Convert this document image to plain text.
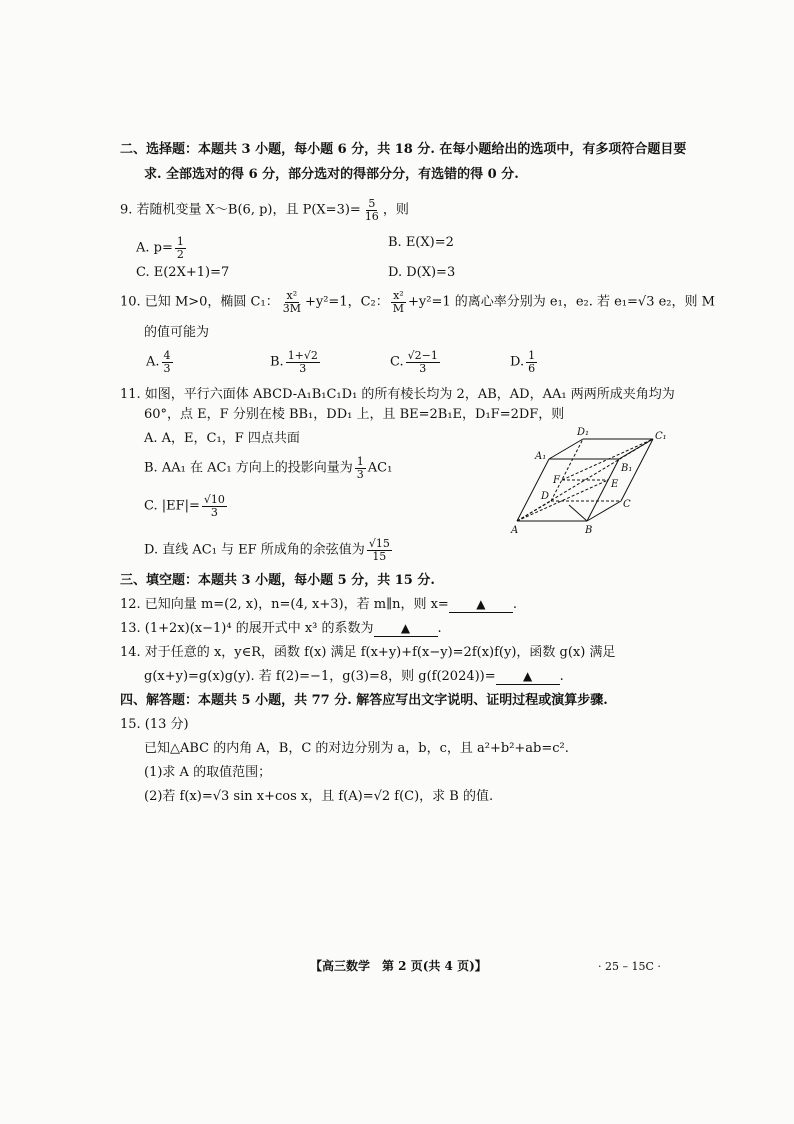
二、选择题：本题共 3 小题，每小题 6 分，共 18 分. 在每小题给出的选项中，有多项符合题目要
求. 全部选对的得 6 分，部分选对的得部分分，有选错的得 0 分.
9. 若随机变量 X～B(6, p)，且 $P(X=3)= \frac{5}{16}$ ，则
A. $p= \frac{1}{2}$	B. E(X)=2
C. E(2X+1)=7	D. D(X)=3
10. 已知 M>0，椭圆 C₁： $\frac{\text{x²}}{3M} +y^2=1$，C₂： $\frac{\text{x²}}{M} +y^2=1$ 的离心率分别为 e₁，e₂. 若 e₁=√3 e₂，则 M
的值可能为
A. $\frac{4}{3}$	B. $\frac{1+√2}{3}$	C. $\frac{√2-1}{3}$	D. $\frac{1}{6}$
11. 如图，平行六面体 ABCD-A₁B₁C₁D₁ 的所有棱长均为 2，AB，AD，AA₁ 两两所成夹角均为
60°，点 E，F 分别在棱 BB₁，DD₁ 上，且 BE=2B₁E，D₁F=2DF，则
A. A，E，C₁，F 四点共面
B. AA₁ 在 AC₁ 方向上的投影向量为 $\frac{1}{3} AC_1$
C. $|EF|= \frac{√10}{3}$
D. 直线 AC₁ 与 EF 所成角的余弦值为 $\frac{√15}{15}$
D₁	C₁
A₁
B₁
F	E
D
C
A	B
三、填空题：本题共 3 小题，每小题 5 分，共 15 分.
12. 已知向量 m=(2, x)，n=(4, x+3)，若 m∥n，则 x= ▲ .
13. (1+2x)(x−1)⁴ 的展开式中 x³ 的系数为 ▲ .
14. 对于任意的 x，y∈R，函数 f(x) 满足 f(x+y)+f(x−y)=2f(x)f(y)，函数 g(x) 满足
g(x+y)=g(x)g(y). 若 f(2)=−1，g(3)=8，则 g(f(2024))= ▲ .
四、解答题：本题共 5 小题，共 77 分. 解答应写出文字说明、证明过程或演算步骤.
15. (13 分)
已知△ABC 的内角 A，B，C 的对边分别为 a，b，c，且 a²+b²+ab=c².
(1)求 A 的取值范围；
(2)若 f(x)=√3 sin x+cos x，且 f(A)=√2 f(C)，求 B 的值.
【高三数学　第 2 页(共 4 页)】	· 25 – 15C ·
